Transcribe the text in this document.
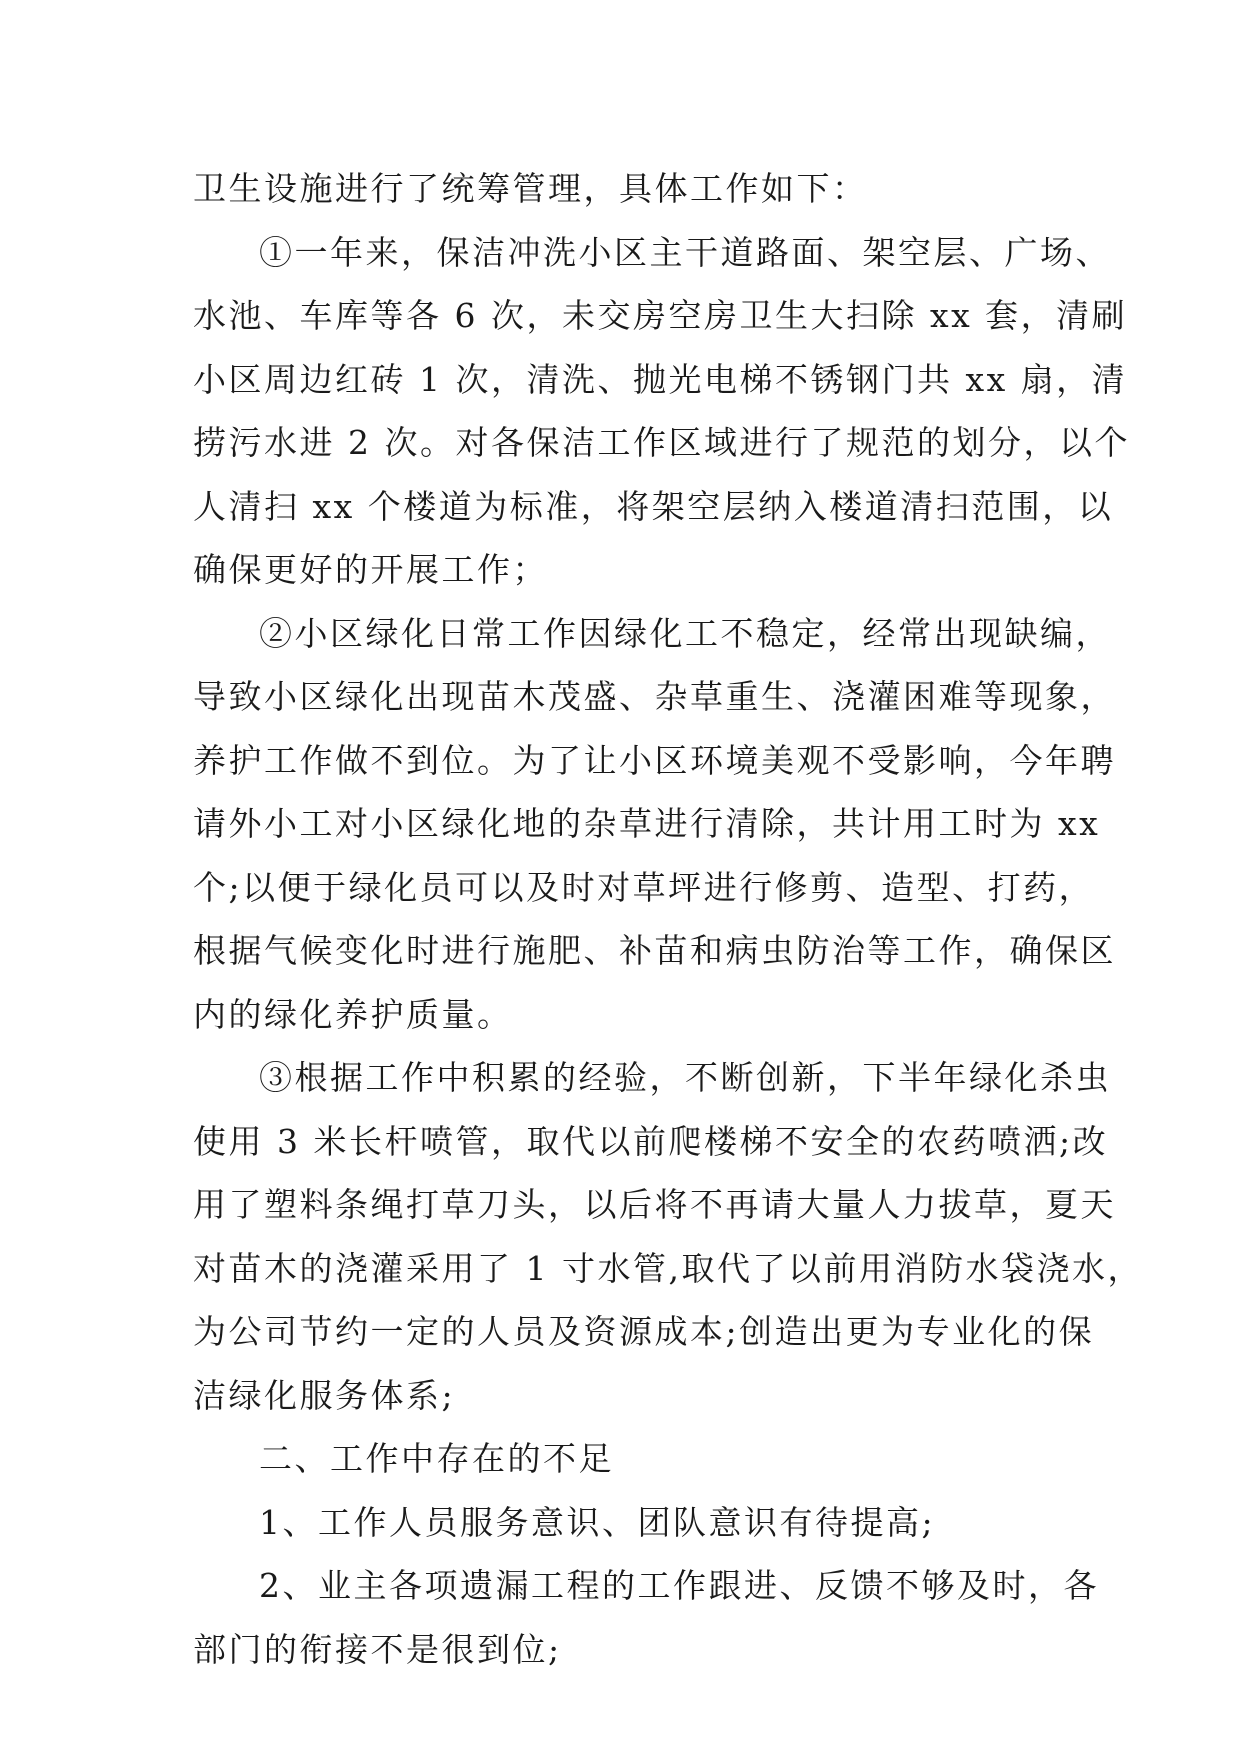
卫生设施进行了统筹管理，具体工作如下：

①一年来，保洁冲洗小区主干道路面、架空层、广场、
水池、车库等各 6 次，未交房空房卫生大扫除 xx 套，清刷
小区周边红砖 1 次，清洗、抛光电梯不锈钢门共 xx 扇，清
捞污水进 2 次。对各保洁工作区域进行了规范的划分，以个
人清扫 xx 个楼道为标准，将架空层纳入楼道清扫范围，以
确保更好的开展工作；

②小区绿化日常工作因绿化工不稳定，经常出现缺编，
导致小区绿化出现苗木茂盛、杂草重生、浇灌困难等现象，
养护工作做不到位。为了让小区环境美观不受影响，今年聘
请外小工对小区绿化地的杂草进行清除，共计用工时为 xx
个;以便于绿化员可以及时对草坪进行修剪、造型、打药，
根据气候变化时进行施肥、补苗和病虫防治等工作，确保区
内的绿化养护质量。

③根据工作中积累的经验，不断创新，下半年绿化杀虫
使用 3 米长杆喷管，取代以前爬楼梯不安全的农药喷洒;改
用了塑料条绳打草刀头，以后将不再请大量人力拔草，夏天
对苗木的浇灌采用了 1 寸水管,取代了以前用消防水袋浇水，
为公司节约一定的人员及资源成本;创造出更为专业化的保
洁绿化服务体系;

二、工作中存在的不足

1、工作人员服务意识、团队意识有待提高;

2、业主各项遗漏工程的工作跟进、反馈不够及时，各
部门的衔接不是很到位;
